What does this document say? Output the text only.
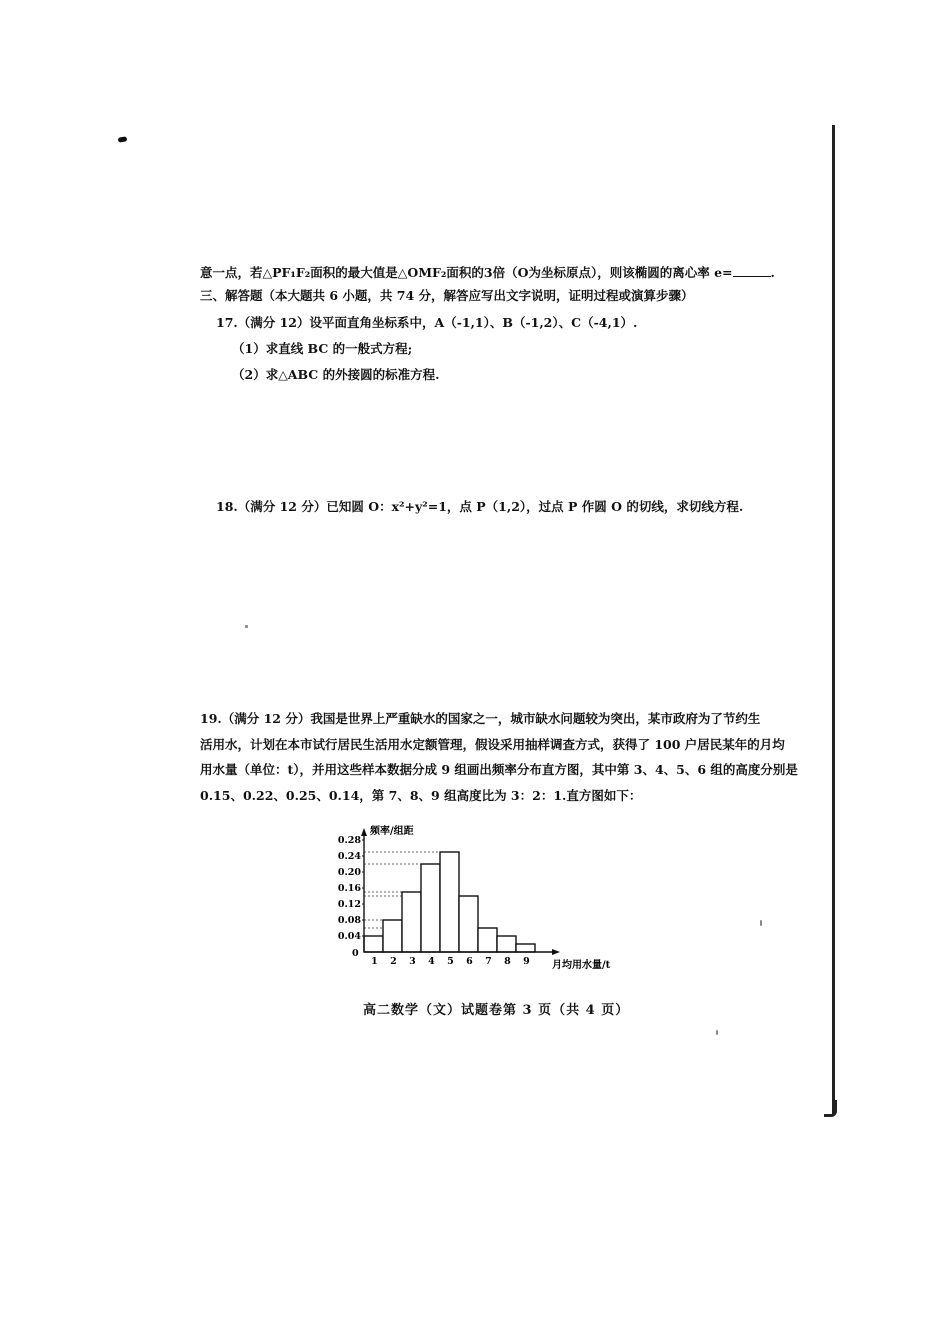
意一点，若△PF₁F₂面积的最大值是△OMF₂面积的3倍（O为坐标原点），则该椭圆的离心率 e=	.
三、解答题（本大题共 6 小题，共 74 分，解答应写出文字说明，证明过程或演算步骤）
17.（满分 12）设平面直角坐标系中，A（-1,1）、B（-1,2）、C（-4,1）.
（1）求直线 BC 的一般式方程;
（2）求△ABC 的外接圆的标准方程.
18.（满分 12 分）已知圆 O：x²+y²=1，点 P（1,2），过点 P 作圆 O 的切线，求切线方程.

19.（满分 12 分）我国是世界上严重缺水的国家之一，城市缺水问题较为突出，某市政府为了节约生

活用水，计划在本市试行居民生活用水定额管理，假设采用抽样调查方式，获得了 100 户居民某年的月均

用水量（单位：t），并用这些样本数据分成 9 组画出频率分布直方图，其中第 3、4、5、6 组的高度分别是

0.15、0.22、0.25、0.14，第 7、8、9 组高度比为 3：2：1.直方图如下：

0.04
0.08
0.12
0.16
0.20
0.24
0.28
0
1 2 3 4 5 6 7 8 9
频率/组距
月均用水量/t
高二数学（文）试题卷第 3 页（共 4 页）
